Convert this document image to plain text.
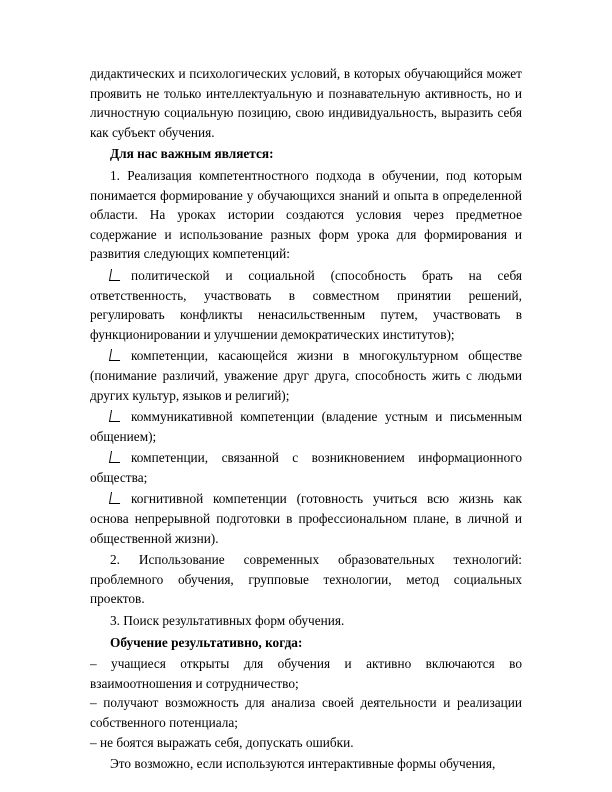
дидактических и психологических условий, в которых обучающийся может проявить не только интеллектуальную и познавательную активность, но и личностную социальную позицию, свою индивидуальность, выразить себя как субъект обучения.

Для нас важным является:

1. Реализация компетентностного подхода в обучении, под которым понимается формирование у обучающихся знаний и опыта в определенной области. На уроках истории создаются условия через предметное содержание и использование разных форм урока для формирования и развития следующих компетенций:

политической и социальной (способность брать на себя ответственность, участвовать в совместном принятии решений, регулировать конфликты ненасильственным путем, участвовать в функционировании и улучшении демократических институтов);

компетенции, касающейся жизни в многокультурном обществе (понимание различий, уважение друг друга, способность жить с людьми других культур, языков и религий);

коммуникативной компетенции (владение устным и письменным общением);

компетенции, связанной с возникновением информационного общества;

когнитивной компетенции (готовность учиться всю жизнь как основа непрерывной подготовки в профессиональном плане, в личной и общественной жизни).

2. Использование современных образовательных технологий: проблемного обучения, групповые технологии, метод социальных проектов.

3. Поиск результативных форм обучения.

Обучение результативно, когда:

– учащиеся открыты для обучения и активно включаются во взаимоотношения и сотрудничество;

– получают возможность для анализа своей деятельности и реализации собственного потенциала;

– не боятся выражать себя, допускать ошибки.

Это возможно, если используются интерактивные формы обучения,
